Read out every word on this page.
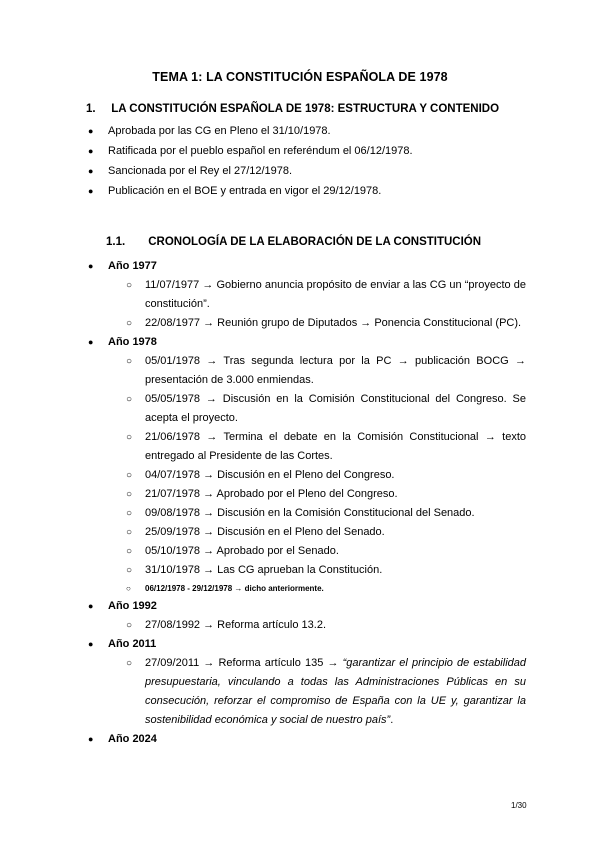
TEMA 1: LA CONSTITUCIÓN ESPAÑOLA DE 1978
1. LA CONSTITUCIÓN ESPAÑOLA DE 1978: ESTRUCTURA Y CONTENIDO
● Aprobada por las CG en Pleno el 31/10/1978.
● Ratificada por el pueblo español en referéndum el 06/12/1978.
● Sancionada por el Rey el 27/12/1978.
● Publicación en el BOE y entrada en vigor el 29/12/1978.
1.1. CRONOLOGÍA DE LA ELABORACIÓN DE LA CONSTITUCIÓN
● Año 1977
○ 11/07/1977 → Gobierno anuncia propósito de enviar a las CG un “proyecto de constitución”.
○ 22/08/1977 → Reunión grupo de Diputados → Ponencia Constitucional (PC).
● Año 1978
○ 05/01/1978 → Tras segunda lectura por la PC → publicación BOCG → presentación de 3.000 enmiendas.
○ 05/05/1978 → Discusión en la Comisión Constitucional del Congreso. Se acepta el proyecto.
○ 21/06/1978 → Termina el debate en la Comisión Constitucional → texto entregado al Presidente de las Cortes.
○ 04/07/1978 → Discusión en el Pleno del Congreso.
○ 21/07/1978 → Aprobado por el Pleno del Congreso.
○ 09/08/1978 → Discusión en la Comisión Constitucional del Senado.
○ 25/09/1978 → Discusión en el Pleno del Senado.
○ 05/10/1978 → Aprobado por el Senado.
○ 31/10/1978 → Las CG aprueban la Constitución.
○ 06/12/1978 - 29/12/1978 → dicho anteriormente.
● Año 1992
○ 27/08/1992 → Reforma artículo 13.2.
● Año 2011
○ 27/09/2011 → Reforma artículo 135 → “garantizar el principio de estabilidad presupuestaria, vinculando a todas las Administraciones Públicas en su consecución, reforzar el compromiso de España con la UE y, garantizar la sostenibilidad económica y social de nuestro país”.
● Año 2024
1/30
